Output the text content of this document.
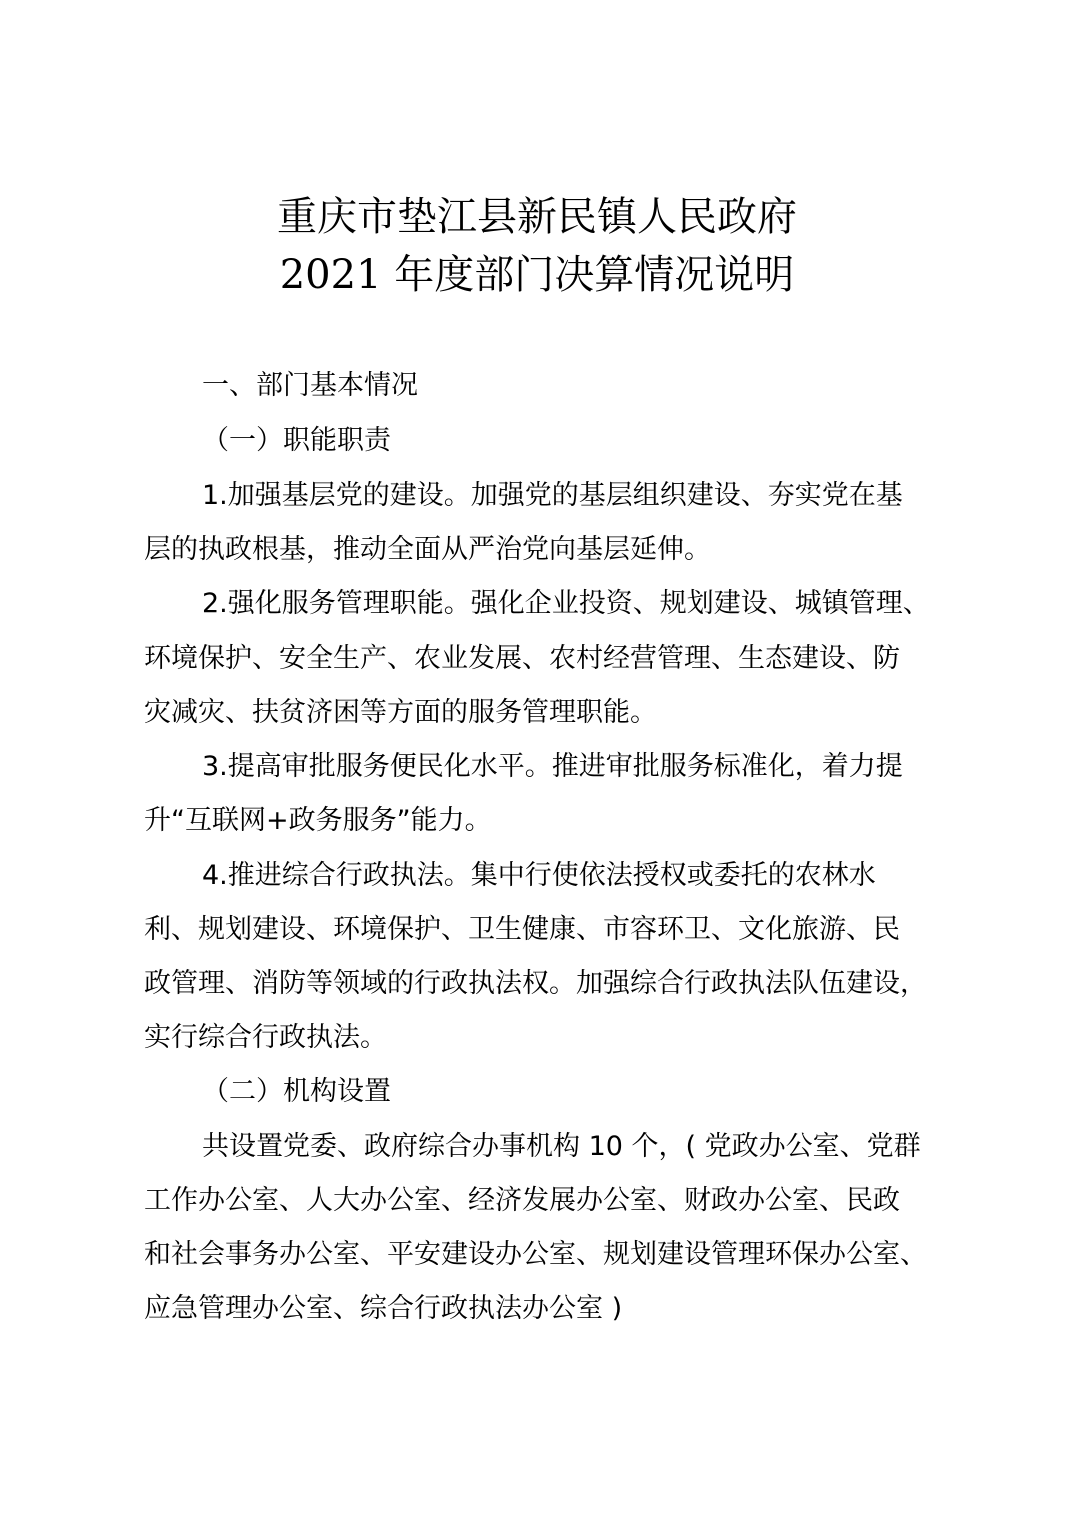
重庆市垫江县新民镇人民政府
2021 年度部门决算情况说明
一、部门基本情况
（一）职能职责
1.加强基层党的建设。加强党的基层组织建设、夯实党在基
层的执政根基，推动全面从严治党向基层延伸。
2.强化服务管理职能。强化企业投资、规划建设、城镇管理、
环境保护、安全生产、农业发展、农村经营管理、生态建设、防
灾减灾、扶贫济困等方面的服务管理职能。
3.提高审批服务便民化水平。推进审批服务标准化，着力提
升“互联网+政务服务”能力。
4.推进综合行政执法。集中行使依法授权或委托的农林水
利、规划建设、环境保护、卫生健康、市容环卫、文化旅游、民
政管理、消防等领域的行政执法权。加强综合行政执法队伍建设，
实行综合行政执法。
（二）机构设置
共设置党委、政府综合办事机构 10 个，( 党政办公室、党群
工作办公室、人大办公室、经济发展办公室、财政办公室、民政
和社会事务办公室、平安建设办公室、规划建设管理环保办公室、
应急管理办公室、综合行政执法办公室 )
